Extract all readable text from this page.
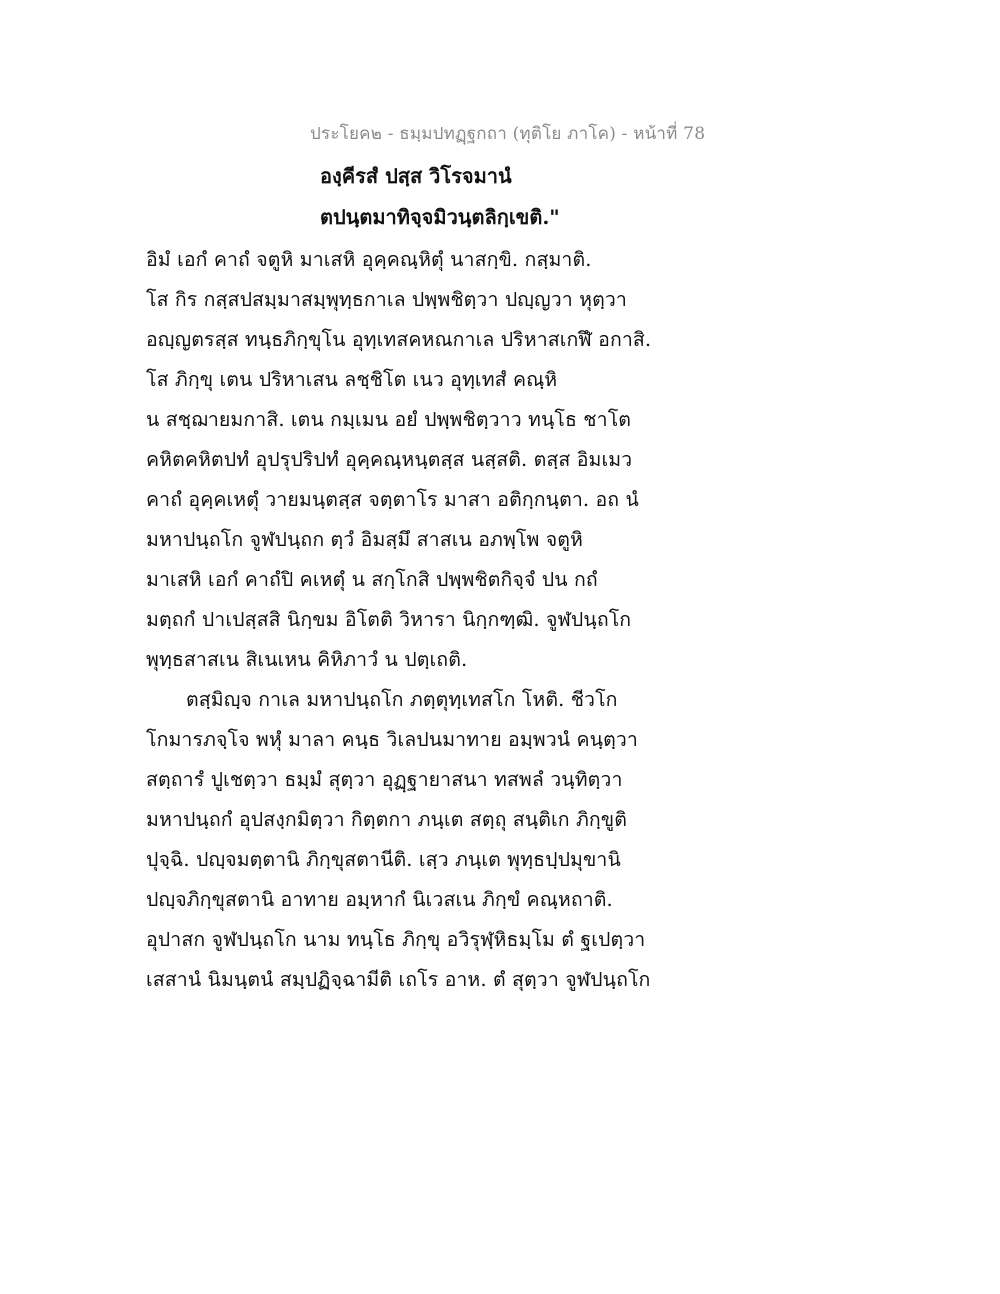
ประโยค๒ - ธมฺมปทฏฺฐกถา (ทุติโย ภาโค) - หน้าที่ 78
องฺคีรสํ ปสฺส วิโรจมานํ
ตปนฺตมาทิจฺจมิวนฺตลิกฺเขติ."
อิมํ เอกํ คาถํ จตูหิ มาเสหิ อุคฺคณฺหิตุํ นาสกฺขิ. กสฺมาติ.
โส กิร กสฺสปสมฺมาสมฺพุทฺธกาเล ปพฺพชิตฺวา ปญฺญวา หุตฺวา
อญฺญตรสฺส ทนฺธภิกฺขุโน อุทฺเทสคหณกาเล ปริหาสเกฬึ อกาสิ.
โส ภิกฺขุ เตน ปริหาเสน ลชฺชิโต เนว อุทฺเทสํ คณฺหิ
น สชฺฌายมกาสิ. เตน กมฺเมน อยํ ปพฺพชิตฺวาว ทนฺโธ ชาโต
คหิตคหิตปทํ อุปรุปริปทํ อุคฺคณฺหนฺตสฺส นสฺสติ. ตสฺส อิมเมว
คาถํ อุคฺคเหตุํ วายมนฺตสฺส จตฺตาโร มาสา อติกฺกนฺตา. อถ นํ
มหาปนฺถโก จูฬปนฺถก ตฺวํ อิมสฺมึ สาสเน อภพฺโพ จตูหิ
มาเสหิ เอกํ คาถํปิ คเหตุํ น สกฺโกสิ ปพฺพชิตกิจฺจํ ปน กถํ
มตฺถกํ ปาเปสฺสสิ นิกฺขม อิโตติ วิหารา นิกฺกฑฺฒิ. จูฬปนฺถโก
พุทฺธสาสเน สิเนเหน คิหิภาวํ น ปตฺเถติ.
ตสฺมิญฺจ กาเล มหาปนฺถโก ภตฺตุทฺเทสโก โหติ. ชีวโก
โกมารภจฺโจ พหุํ มาลา คนฺธ วิเลปนมาทาย อมฺพวนํ คนฺตฺวา
สตฺถารํ ปูเชตฺวา ธมฺมํ สุตฺวา อุฏฺฐายาสนา ทสพลํ วนฺทิตฺวา
มหาปนฺถกํ อุปสงฺกมิตฺวา กิตฺตกา ภนฺเต สตฺถุ สนฺติเก ภิกฺขูติ
ปุจฺฉิ. ปญฺจมตฺตานิ ภิกฺขุสตานีติ. เสฺว ภนฺเต พุทฺธปฺปมุขานิ
ปญฺจภิกฺขุสตานิ อาทาย อมฺหากํ นิเวสเน ภิกฺขํ คณฺหถาติ.
อุปาสก จูฬปนฺถโก นาม ทนฺโธ ภิกฺขุ อวิรุฬฺหิธมฺโม ตํ ฐเปตฺวา
เสสานํ นิมนฺตนํ สมฺปฏิจฺฉามีติ เถโร อาห. ตํ สุตฺวา จูฬปนฺถโก
